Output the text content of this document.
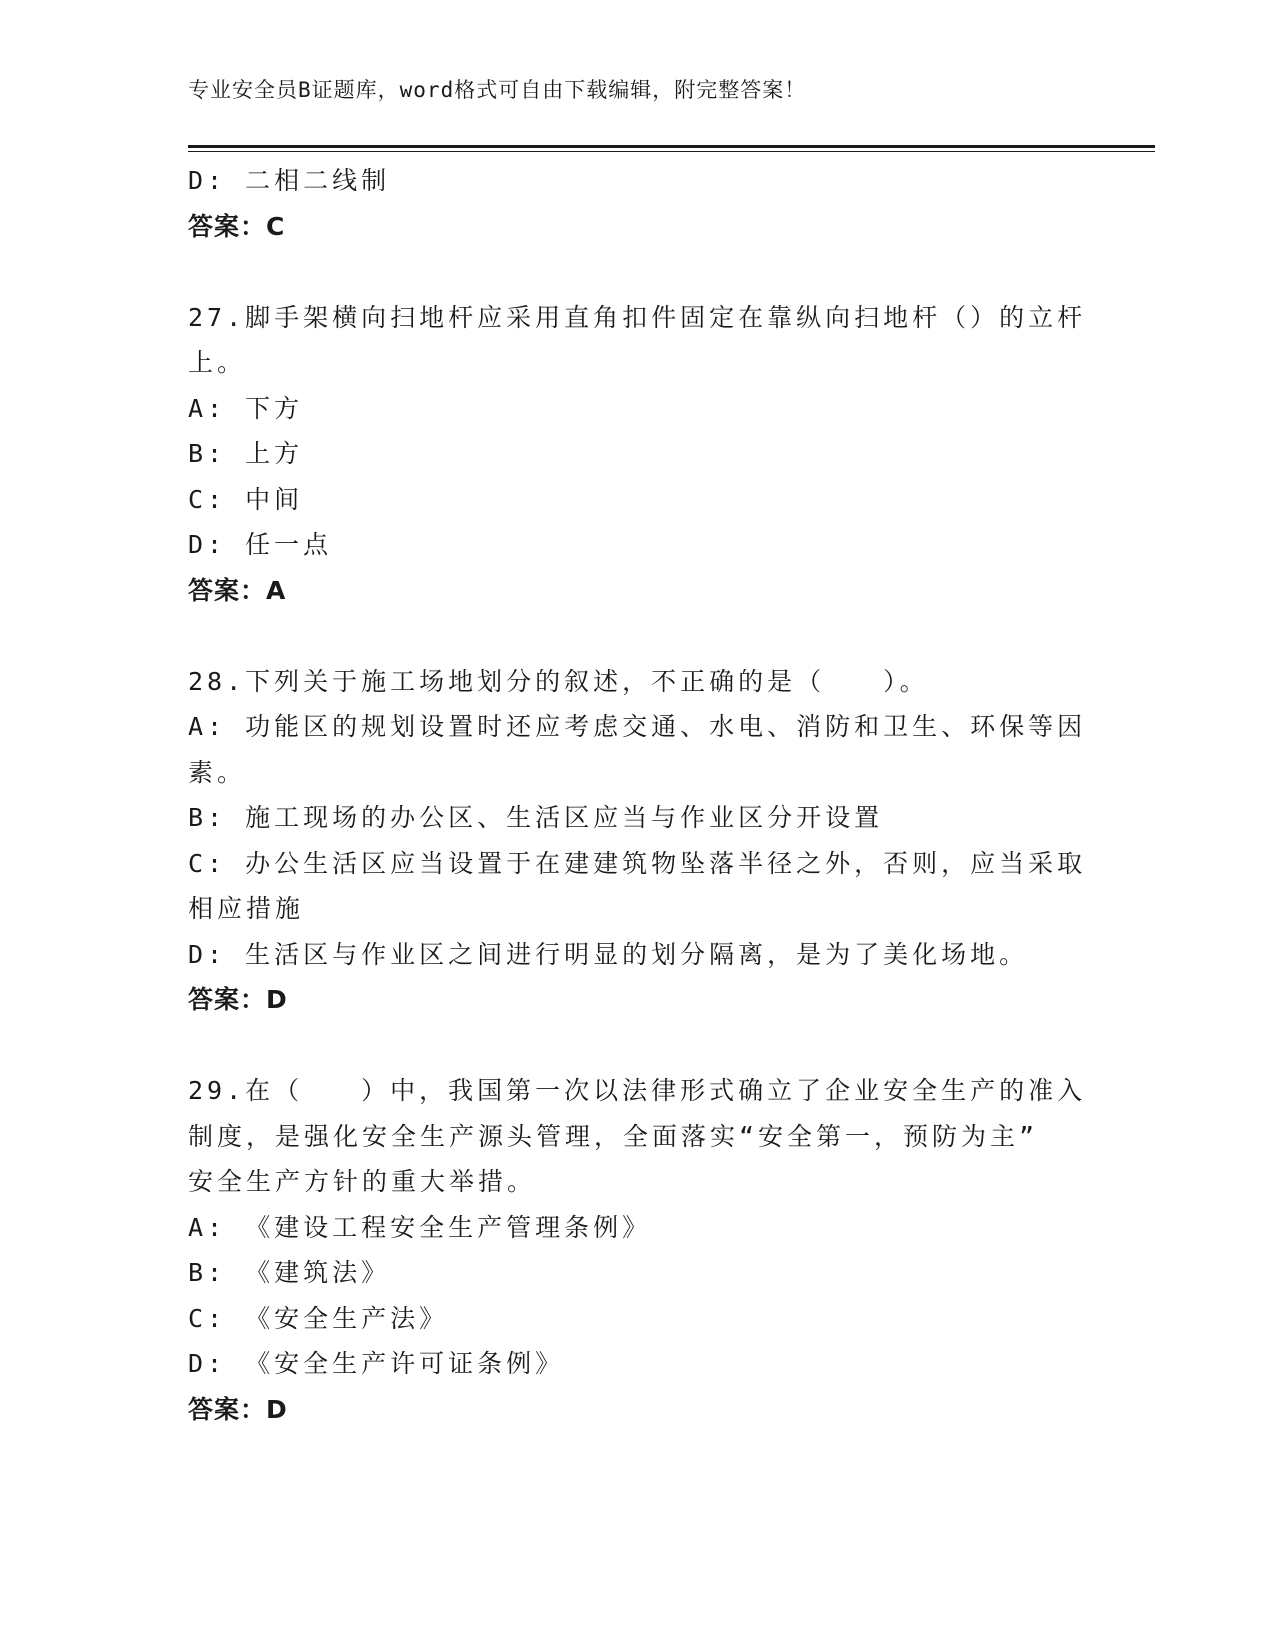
专业安全员B证题库，word格式可自由下载编辑，附完整答案！
D: 二相二线制
答案：C
27.脚手架横向扫地杆应采用直角扣件固定在靠纵向扫地杆（）的立杆
上。
A: 下方
B: 上方
C: 中间
D: 任一点
答案：A
28.下列关于施工场地划分的叙述，不正确的是（　　）。
A: 功能区的规划设置时还应考虑交通、水电、消防和卫生、环保等因
素。
B: 施工现场的办公区、生活区应当与作业区分开设置
C: 办公生活区应当设置于在建建筑物坠落半径之外，否则，应当采取
相应措施
D: 生活区与作业区之间进行明显的划分隔离，是为了美化场地。
答案：D
29.在（　　）中，我国第一次以法律形式确立了企业安全生产的准入
制度，是强化安全生产源头管理，全面落实“安全第一，预防为主”
安全生产方针的重大举措。
A: 《建设工程安全生产管理条例》
B: 《建筑法》
C: 《安全生产法》
D: 《安全生产许可证条例》
答案：D
